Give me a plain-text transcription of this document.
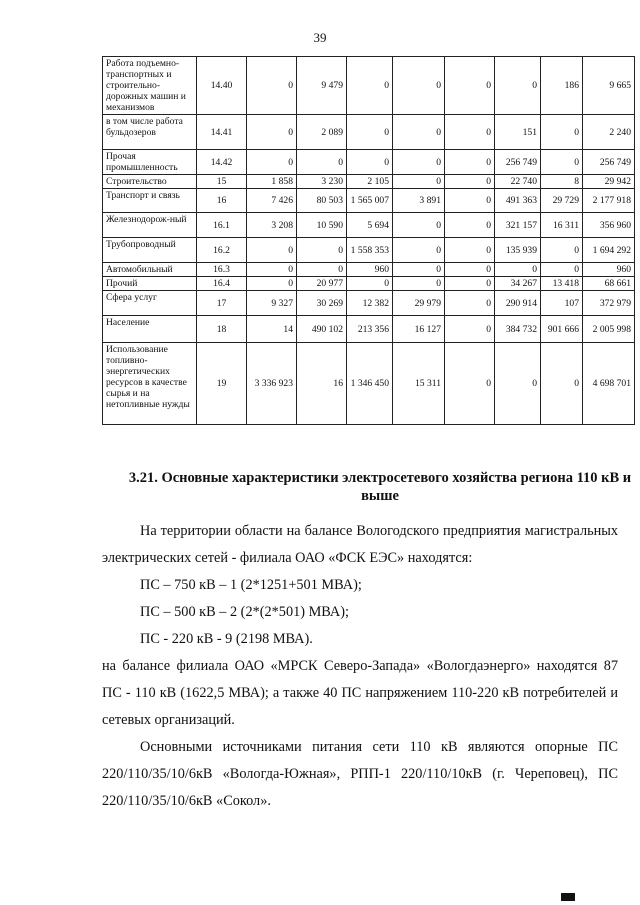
39
Работа подъемно-транспортных и строительно-дорожных машин и механизмов	14.40	0	9 479	0	0	0	0	186	9 665
в том числе работа бульдозеров	14.41	0	2 089	0	0	0	151	0	2 240
Прочая промышленность	14.42	0	0	0	0	0	256 749	0	256 749
Строительство	15	1 858	3 230	2 105	0	0	22 740	8	29 942
Транспорт и связь	16	7 426	80 503	1 565 007	3 891	0	491 363	29 729	2 177 918
Железнодорож-ный	16.1	3 208	10 590	5 694	0	0	321 157	16 311	356 960
Трубопроводный	16.2	0	0	1 558 353	0	0	135 939	0	1 694 292
Автомобильный	16.3	0	0	960	0	0	0	0	960
Прочий	16.4	0	20 977	0	0	0	34 267	13 418	68 661
Сфера услуг	17	9 327	30 269	12 382	29 979	0	290 914	107	372 979
Население	18	14	490 102	213 356	16 127	0	384 732	901 666	2 005 998
Использование топливно-энергетических ресурсов в качестве сырья и на нетопливные нужды	19	3 336 923	16	1 346 450	15 311	0	0	0	4 698 701
3.21. Основные характеристики электросетевого хозяйства региона 110 кВ и выше

На территории области на балансе Вологодского предприятия магистральных электрических сетей - филиала ОАО «ФСК ЕЭС» находятся:

ПС – 750 кВ – 1 (2*1251+501 МВА);

ПС – 500 кВ – 2 (2*(2*501) МВА);

ПС - 220 кВ - 9 (2198 МВА).

на балансе филиала ОАО «МРСК Северо-Запада» «Вологдаэнерго» находятся 87 ПС - 110 кВ (1622,5 МВА); а также 40 ПС напряжением 110-220 кВ потребителей и сетевых организаций.

Основными источниками питания сети 110 кВ являются опорные ПС 220/110/35/10/6кВ «Вологда-Южная», РПП-1 220/110/10кВ (г. Череповец), ПС 220/110/35/10/6кВ «Сокол».
